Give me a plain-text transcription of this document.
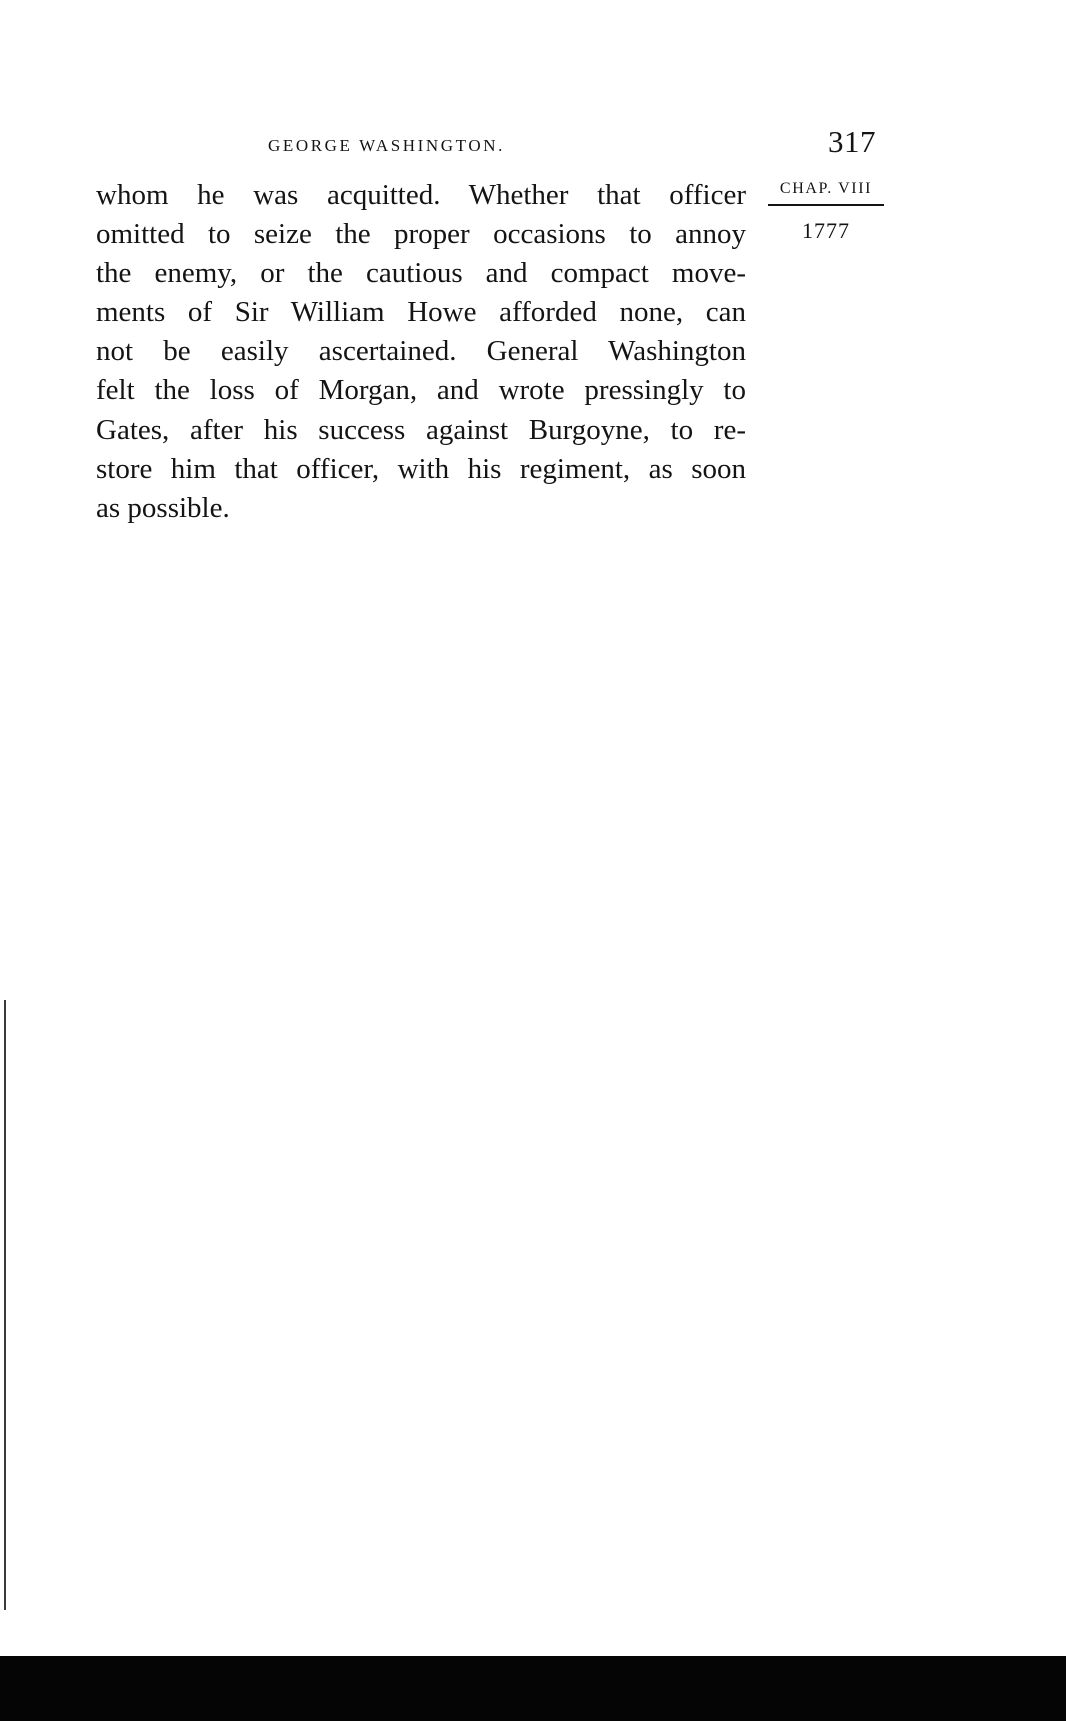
GEORGE WASHINGTON.	317
CHAP. VIII
1777
whom he was acquitted. Whether that officer
omitted to seize the proper occasions to annoy
the enemy, or the cautious and compact move-
ments of Sir William Howe afforded none, can
not be easily ascertained. General Washington
felt the loss of Morgan, and wrote pressingly to
Gates, after his success against Burgoyne, to re-
store him that officer, with his regiment, as soon
as possible.
